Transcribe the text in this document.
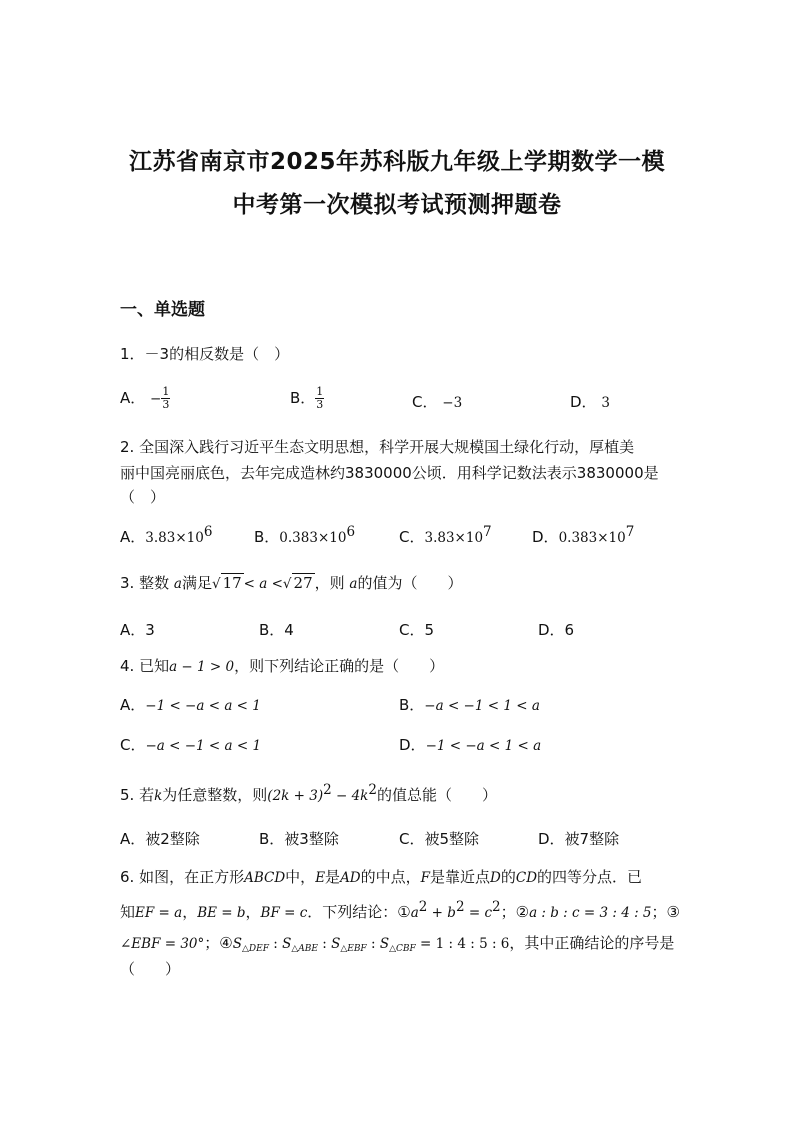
江苏省南京市2025年苏科版九年级上学期数学一模
中考第一次模拟考试预测押题卷
一、单选题
1．－3的相反数是（　）
A． − $\frac{1}{3}$	B． $\frac{1}{3}$	C． −3	D． 3
2. 全国深入践行习近平生态文明思想，科学开展大规模国土绿化行动，厚植美
丽中国亮丽底色，去年完成造林约3830000公顷．用科学记数法表示3830000是
（　）
A．$3.83\times 10^6$	B．$0.383\times 10^6$	C．$3.83\times 10^7$	D．$0.383\times 10^7$
3. 整数 a满足√ 17 < a <√ 27 ，则 a的值为（　　）
A．3	B．4	C．5	D．6
4. 已知a − 1 > 0，则下列结论正确的是（　　）
A．−1 < −a < a < 1	B．−a < −1 < 1 < a
C．−a < −1 < a < 1	D．−1 < −a < 1 < a
5. 若k为任意整数，则$(2k + 3)^2 - 4k^2$的值总能（　　）
A．被2整除	B．被3整除	C．被5整除	D．被7整除
6. 如图，在正方形ABCD中，E是AD的中点，F是靠近点D的CD的四等分点．已
知EF = a，BE = b，BF = c．下列结论：$①a^2 + b^2 = c^2$；②a : b : c = 3 : 4 : 5；③
∠EBF = 30°；$④S_{\triangle DEF}$ : $S_{\triangle ABE}$ : $S_{\triangle EBF}$ : $S_{\triangle CBF} = 1$ : 4 : 5 : 6，其中正确结论的序号是
（　　）
